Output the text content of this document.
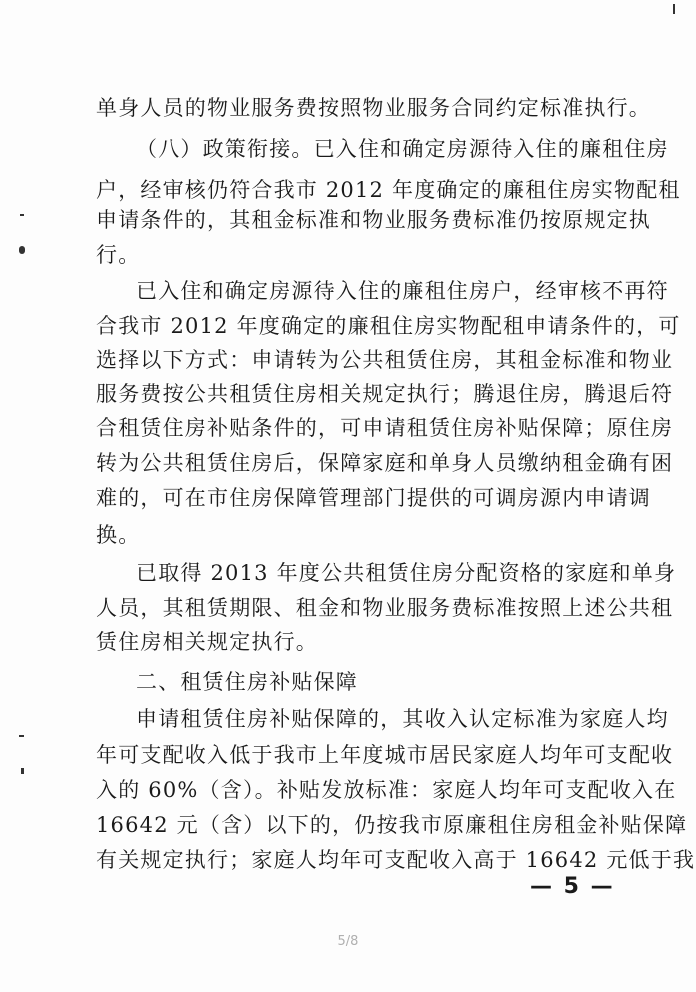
单身人员的物业服务费按照物业服务合同约定标准执行。
（八）政策衔接。已入住和确定房源待入住的廉租住房
户，经审核仍符合我市 2012 年度确定的廉租住房实物配租
申请条件的，其租金标准和物业服务费标准仍按原规定执
行。
已入住和确定房源待入住的廉租住房户，经审核不再符
合我市 2012 年度确定的廉租住房实物配租申请条件的，可
选择以下方式：申请转为公共租赁住房，其租金标准和物业
服务费按公共租赁住房相关规定执行；腾退住房，腾退后符
合租赁住房补贴条件的，可申请租赁住房补贴保障；原住房
转为公共租赁住房后，保障家庭和单身人员缴纳租金确有困
难的，可在市住房保障管理部门提供的可调房源内申请调
换。
已取得 2013 年度公共租赁住房分配资格的家庭和单身
人员，其租赁期限、租金和物业服务费标准按照上述公共租
赁住房相关规定执行。
二、租赁住房补贴保障
申请租赁住房补贴保障的，其收入认定标准为家庭人均
年可支配收入低于我市上年度城市居民家庭人均年可支配收
入的 60%（含）。补贴发放标准：家庭人均年可支配收入在
16642 元（含）以下的，仍按我市原廉租住房租金补贴保障
有关规定执行；家庭人均年可支配收入高于 16642 元低于我
— 5 —
5/8
